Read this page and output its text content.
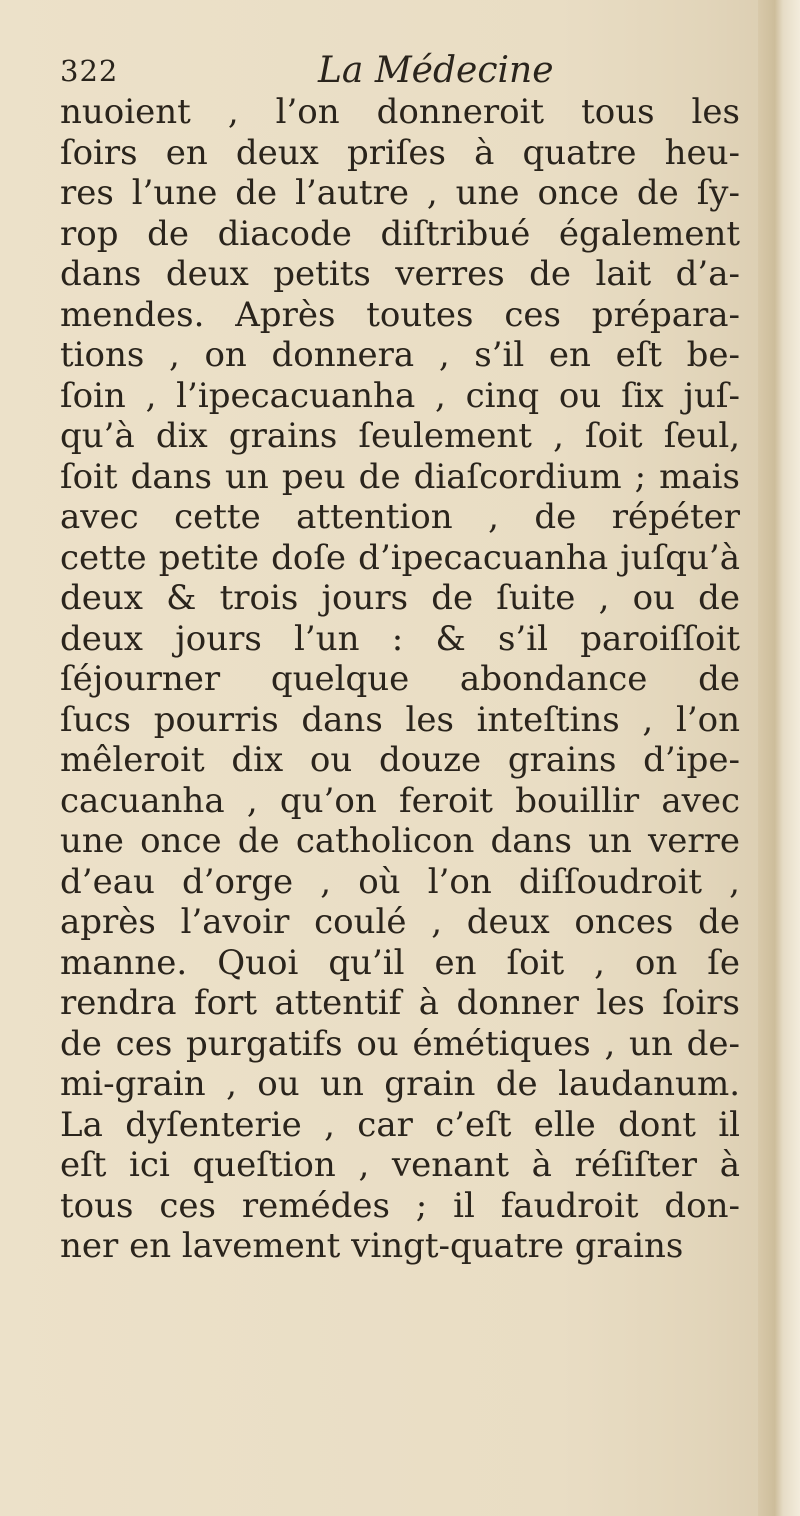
322	La Médecine
nuoient , l’on donneroit tous les
ſoirs en deux priſes à quatre heu-
res l’une de l’autre , une once de ſy-
rop de diacode diſtribué également
dans deux petits verres de lait d’a-
mendes. Après toutes ces prépara-
tions , on donnera , s’il en eſt be-
ſoin , l’ipecacuanha , cinq ou ſix juſ-
qu’à dix grains ſeulement , ſoit ſeul,
ſoit dans un peu de diaſcordium ; mais
avec cette attention , de répéter
cette petite doſe d’ipecacuanha juſqu’à
deux & trois jours de ſuite , ou de
deux jours l’un : & s’il paroiſſoit
ſéjourner quelque abondance de
ſucs pourris dans les inteſtins , l’on
mêleroit dix ou douze grains d’ipe-
cacuanha , qu’on feroit bouillir avec
une once de catholicon dans un verre
d’eau d’orge , où l’on diſſoudroit ,
après l’avoir coulé , deux onces de
manne. Quoi qu’il en ſoit , on ſe
rendra fort attentif à donner les ſoirs
de ces purgatifs ou émétiques , un de-
mi-grain , ou un grain de laudanum.
La dyſenterie , car c’eſt elle dont il
eſt ici queſtion , venant à réſiſter à
tous ces remédes ; il faudroit don-
ner en lavement vingt-quatre grains
